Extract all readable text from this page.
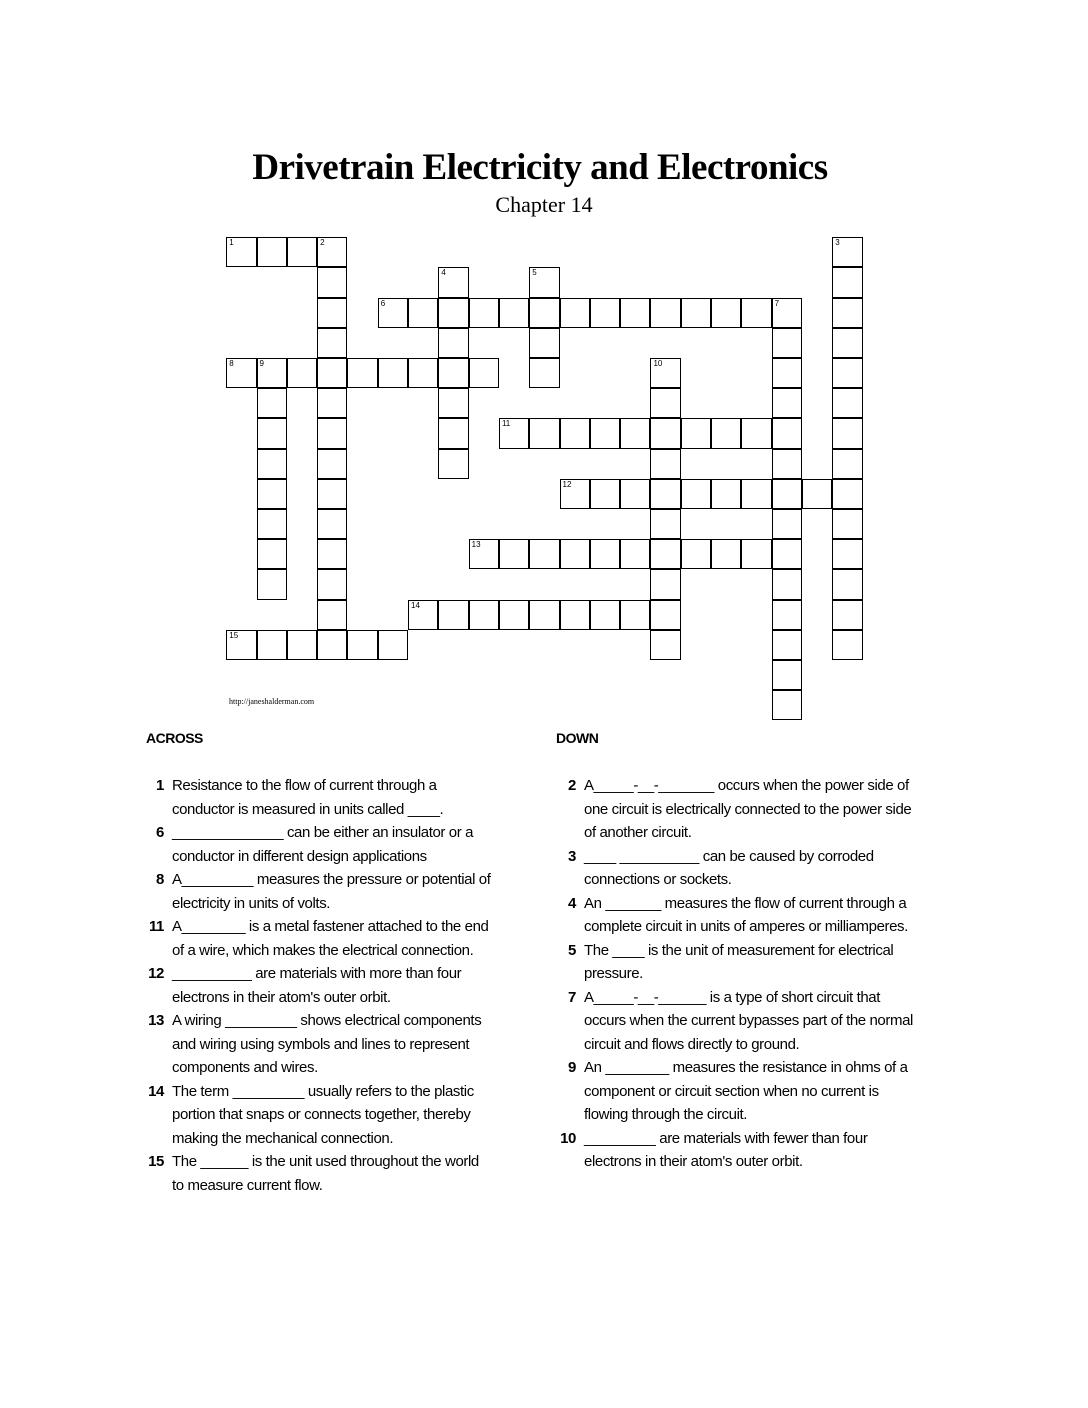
Drivetrain Electricity and Electronics
Chapter 14
1	2	3
4	5
6	7
8	9	10
11
12
13
14
15
http://janeshalderman.com
ACROSS	DOWN
1 Resistance to the flow of current through a conductor is measured in units called ____.
6 ______________ can be either an insulator or a conductor in different design applications
8 A_________ measures the pressure or potential of electricity in units of volts.
11 A________ is a metal fastener attached to the end of a wire, which makes the electrical connection.
12 __________ are materials with more than four electrons in their atom's outer orbit.
13 A wiring _________ shows electrical components and wiring using symbols and lines to represent components and wires.
14 The term _________ usually refers to the plastic portion that snaps or connects together, thereby making the mechanical connection.
15 The ______ is the unit used throughout the world to measure current flow.
2 A_____-__-_______ occurs when the power side of one circuit is electrically connected to the power side of another circuit.
3 ____ __________ can be caused by corroded connections or sockets.
4 An _______ measures the flow of current through a complete circuit in units of amperes or milliamperes.
5 The ____ is the unit of measurement for electrical pressure.
7 A_____-__-______ is a type of short circuit that occurs when the current bypasses part of the normal circuit and flows directly to ground.
9 An ________ measures the resistance in ohms of a component or circuit section when no current is flowing through the circuit.
10 _________ are materials with fewer than four electrons in their atom's outer orbit.
